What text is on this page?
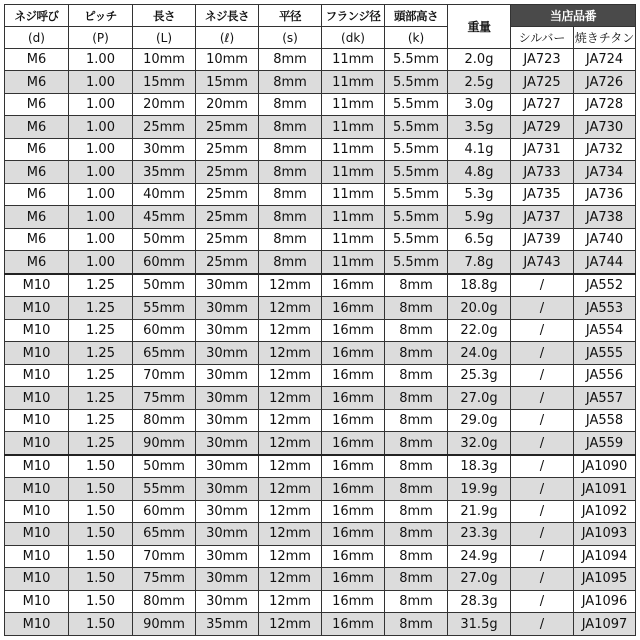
ネジ呼び	ピッチ	長さ	ネジ長さ	平径	フランジ径	頭部高さ	重量	当店品番	
(d)	(P)	(L)	(ℓ)	(s)	(dk)	(k)		シルバー	焼きチタン
M6	1.00	10mm	10mm	8mm	11mm	5.5mm	2.0g	JA723	JA724
M6	1.00	15mm	15mm	8mm	11mm	5.5mm	2.5g	JA725	JA726
M6	1.00	20mm	20mm	8mm	11mm	5.5mm	3.0g	JA727	JA728
M6	1.00	25mm	25mm	8mm	11mm	5.5mm	3.5g	JA729	JA730
M6	1.00	30mm	25mm	8mm	11mm	5.5mm	4.1g	JA731	JA732
M6	1.00	35mm	25mm	8mm	11mm	5.5mm	4.8g	JA733	JA734
M6	1.00	40mm	25mm	8mm	11mm	5.5mm	5.3g	JA735	JA736
M6	1.00	45mm	25mm	8mm	11mm	5.5mm	5.9g	JA737	JA738
M6	1.00	50mm	25mm	8mm	11mm	5.5mm	6.5g	JA739	JA740
M6	1.00	60mm	25mm	8mm	11mm	5.5mm	7.8g	JA743	JA744
M10	1.25	50mm	30mm	12mm	16mm	8mm	18.8g	/	JA552
M10	1.25	55mm	30mm	12mm	16mm	8mm	20.0g	/	JA553
M10	1.25	60mm	30mm	12mm	16mm	8mm	22.0g	/	JA554
M10	1.25	65mm	30mm	12mm	16mm	8mm	24.0g	/	JA555
M10	1.25	70mm	30mm	12mm	16mm	8mm	25.3g	/	JA556
M10	1.25	75mm	30mm	12mm	16mm	8mm	27.0g	/	JA557
M10	1.25	80mm	30mm	12mm	16mm	8mm	29.0g	/	JA558
M10	1.25	90mm	30mm	12mm	16mm	8mm	32.0g	/	JA559
M10	1.50	50mm	30mm	12mm	16mm	8mm	18.3g	/	JA1090
M10	1.50	55mm	30mm	12mm	16mm	8mm	19.9g	/	JA1091
M10	1.50	60mm	30mm	12mm	16mm	8mm	21.9g	/	JA1092
M10	1.50	65mm	30mm	12mm	16mm	8mm	23.3g	/	JA1093
M10	1.50	70mm	30mm	12mm	16mm	8mm	24.9g	/	JA1094
M10	1.50	75mm	30mm	12mm	16mm	8mm	27.0g	/	JA1095
M10	1.50	80mm	30mm	12mm	16mm	8mm	28.3g	/	JA1096
M10	1.50	90mm	35mm	12mm	16mm	8mm	31.5g	/	JA1097
